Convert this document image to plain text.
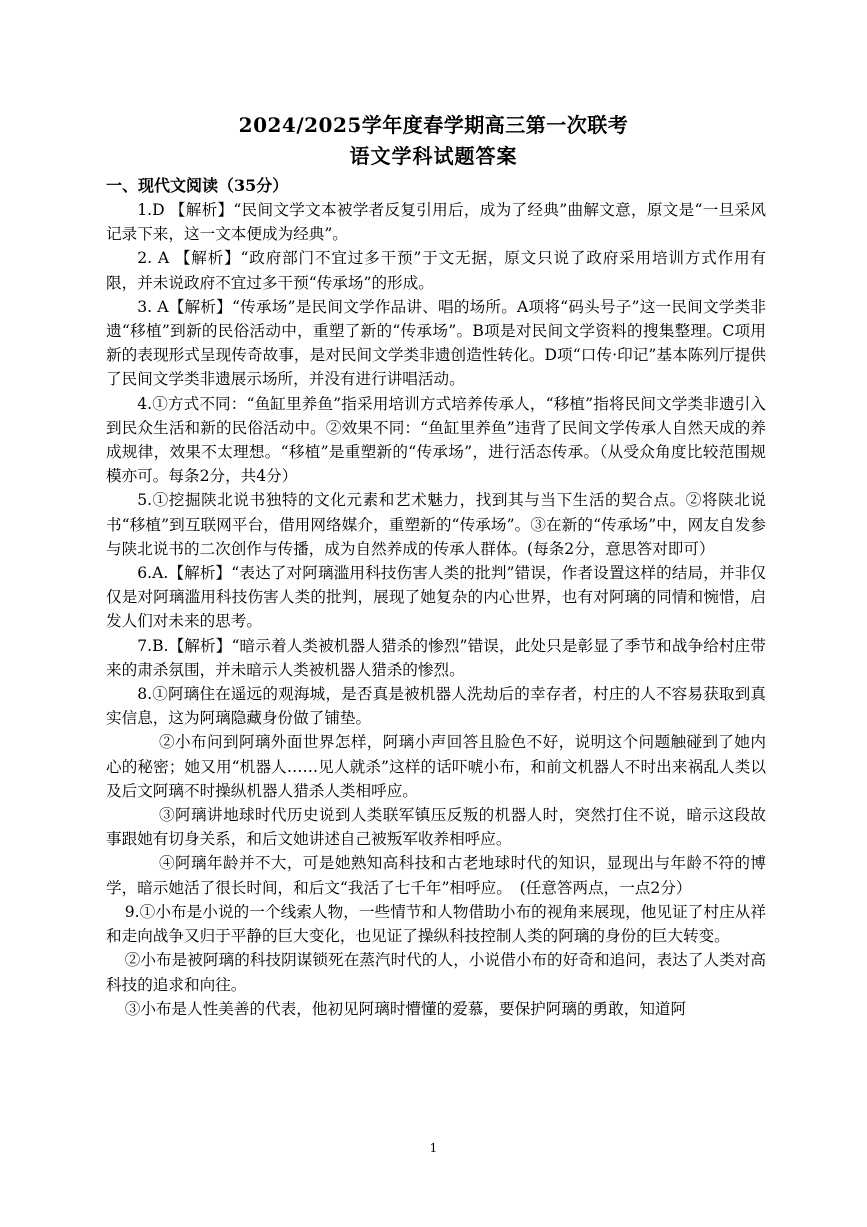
2024/2025学年度春学期高三第一次联考
语文学科试题答案
一、现代文阅读（35分）

1.D 【解析】“民间文学文本被学者反复引用后，成为了经典”曲解文意，原文是“一旦采风记录下来，这一文本便成为经典”。

2. A 【解析】“政府部门不宜过多干预”于文无据，原文只说了政府采用培训方式作用有限，并未说政府不宜过多干预“传承场”的形成。

3. A【解析】“传承场”是民间文学作品讲、唱的场所。A项将“码头号子”这一民间文学类非遗“移植”到新的民俗活动中，重塑了新的“传承场”。B项是对民间文学资料的搜集整理。C项用新的表现形式呈现传奇故事，是对民间文学类非遗创造性转化。D项“口传·印记”基本陈列厅提供了民间文学类非遗展示场所，并没有进行讲唱活动。

4.①方式不同：“鱼缸里养鱼”指采用培训方式培养传承人，“移植”指将民间文学类非遗引入到民众生活和新的民俗活动中。②效果不同：“鱼缸里养鱼”违背了民间文学传承人自然天成的养成规律，效果不太理想。“移植”是重塑新的“传承场”，进行活态传承。（从受众角度比较范围规模亦可。每条2分，共4分）

5.①挖掘陕北说书独特的文化元素和艺术魅力，找到其与当下生活的契合点。②将陕北说书“移植”到互联网平台，借用网络媒介，重塑新的“传承场”。③在新的“传承场”中，网友自发参与陕北说书的二次创作与传播，成为自然养成的传承人群体。(每条2分，意思答对即可）

6.A.【解析】“表达了对阿璃滥用科技伤害人类的批判”错误，作者设置这样的结局，并非仅仅是对阿璃滥用科技伤害人类的批判，展现了她复杂的内心世界，也有对阿璃的同情和惋惜，启发人们对未来的思考。

7.B.【解析】“暗示着人类被机器人猎杀的惨烈”错误，此处只是彰显了季节和战争给村庄带来的肃杀氛围，并未暗示人类被机器人猎杀的惨烈。

8.①阿璃住在遥远的观海城，是否真是被机器人洗劫后的幸存者，村庄的人不容易获取到真实信息，这为阿璃隐藏身份做了铺垫。

②小布问到阿璃外面世界怎样，阿璃小声回答且脸色不好，说明这个问题触碰到了她内心的秘密；她又用“机器人……见人就杀”这样的话吓唬小布，和前文机器人不时出来祸乱人类以及后文阿璃不时操纵机器人猎杀人类相呼应。

③阿璃讲地球时代历史说到人类联军镇压反叛的机器人时，突然打住不说，暗示这段故事跟她有切身关系，和后文她讲述自己被叛军收养相呼应。

④阿璃年龄并不大，可是她熟知高科技和古老地球时代的知识，显现出与年龄不符的博学，暗示她活了很长时间，和后文“我活了七千年”相呼应。　(任意答两点，一点2分）

9.①小布是小说的一个线索人物，一些情节和人物借助小布的视角来展现，他见证了村庄从祥和走向战争又归于平静的巨大变化，也见证了操纵科技控制人类的阿璃的身份的巨大转变。

②小布是被阿璃的科技阴谋锁死在蒸汽时代的人，小说借小布的好奇和追问，表达了人类对高科技的追求和向往。

③小布是人性美善的代表，他初见阿璃时懵懂的爱慕，要保护阿璃的勇敢，知道阿

1
